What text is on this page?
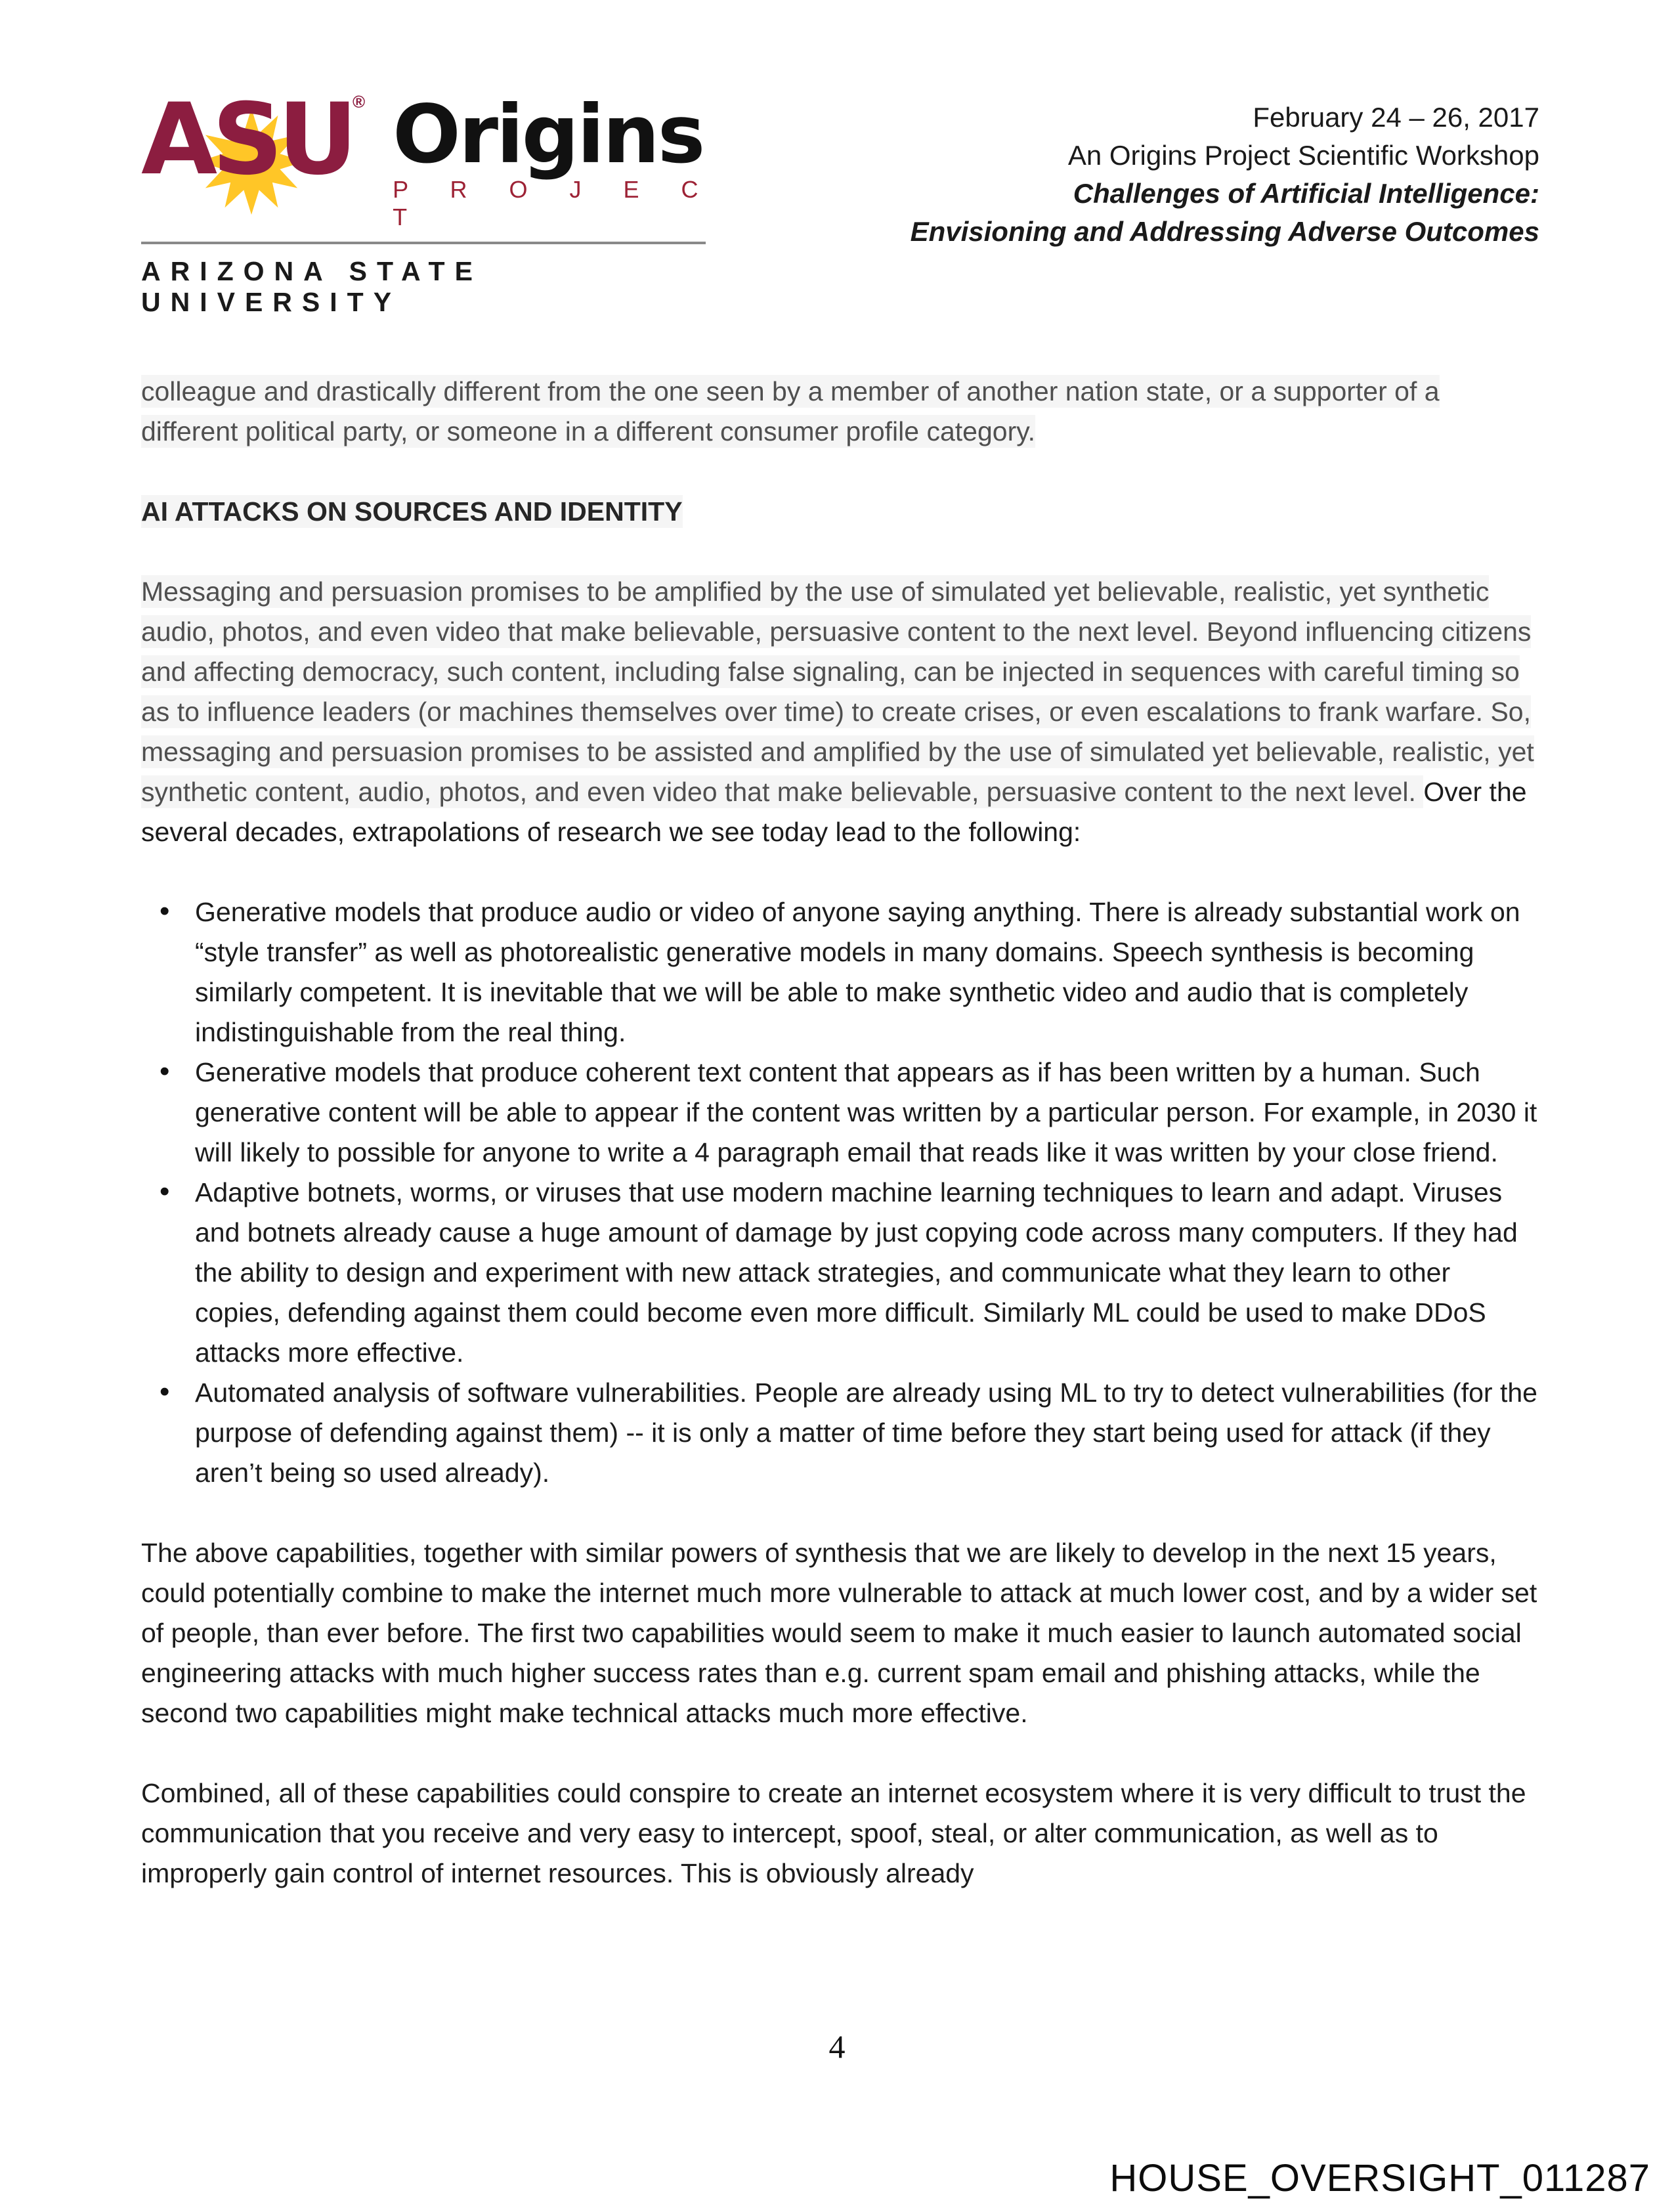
ASU® Origins
P R O J E C T
ARIZONA STATE UNIVERSITY
February 24 – 26, 2017
An Origins Project Scientific Workshop
Challenges of Artificial Intelligence:
Envisioning and Addressing Adverse Outcomes

colleague and drastically different from the one seen by a member of another nation state, or a supporter of a different political party, or someone in a different consumer profile category.

AI ATTACKS ON SOURCES AND IDENTITY

Messaging and persuasion promises to be amplified by the use of simulated yet believable, realistic, yet synthetic audio, photos, and even video that make believable, persuasive content to the next level. Beyond influencing citizens and affecting democracy, such content, including false signaling, can be injected in sequences with careful timing so as to influence leaders (or machines themselves over time) to create crises, or even escalations to frank warfare. So, messaging and persuasion promises to be assisted and amplified by the use of simulated yet believable, realistic, yet synthetic content, audio, photos, and even video that make believable, persuasive content to the next level. Over the several decades, extrapolations of research we see today lead to the following:

• Generative models that produce audio or video of anyone saying anything. There is already substantial work on “style transfer” as well as photorealistic generative models in many domains. Speech synthesis is becoming similarly competent. It is inevitable that we will be able to make synthetic video and audio that is completely indistinguishable from the real thing.
• Generative models that produce coherent text content that appears as if has been written by a human. Such generative content will be able to appear if the content was written by a particular person. For example, in 2030 it will likely to possible for anyone to write a 4 paragraph email that reads like it was written by your close friend.
• Adaptive botnets, worms, or viruses that use modern machine learning techniques to learn and adapt. Viruses and botnets already cause a huge amount of damage by just copying code across many computers. If they had the ability to design and experiment with new attack strategies, and communicate what they learn to other copies, defending against them could become even more difficult. Similarly ML could be used to make DDoS attacks more effective.
• Automated analysis of software vulnerabilities. People are already using ML to try to detect vulnerabilities (for the purpose of defending against them) -- it is only a matter of time before they start being used for attack (if they aren’t being so used already).

The above capabilities, together with similar powers of synthesis that we are likely to develop in the next 15 years, could potentially combine to make the internet much more vulnerable to attack at much lower cost, and by a wider set of people, than ever before. The first two capabilities would seem to make it much easier to launch automated social engineering attacks with much higher success rates than e.g. current spam email and phishing attacks, while the second two capabilities might make technical attacks much more effective.

Combined, all of these capabilities could conspire to create an internet ecosystem where it is very difficult to trust the communication that you receive and very easy to intercept, spoof, steal, or alter communication, as well as to improperly gain control of internet resources. This is obviously already

4
HOUSE_OVERSIGHT_011287
